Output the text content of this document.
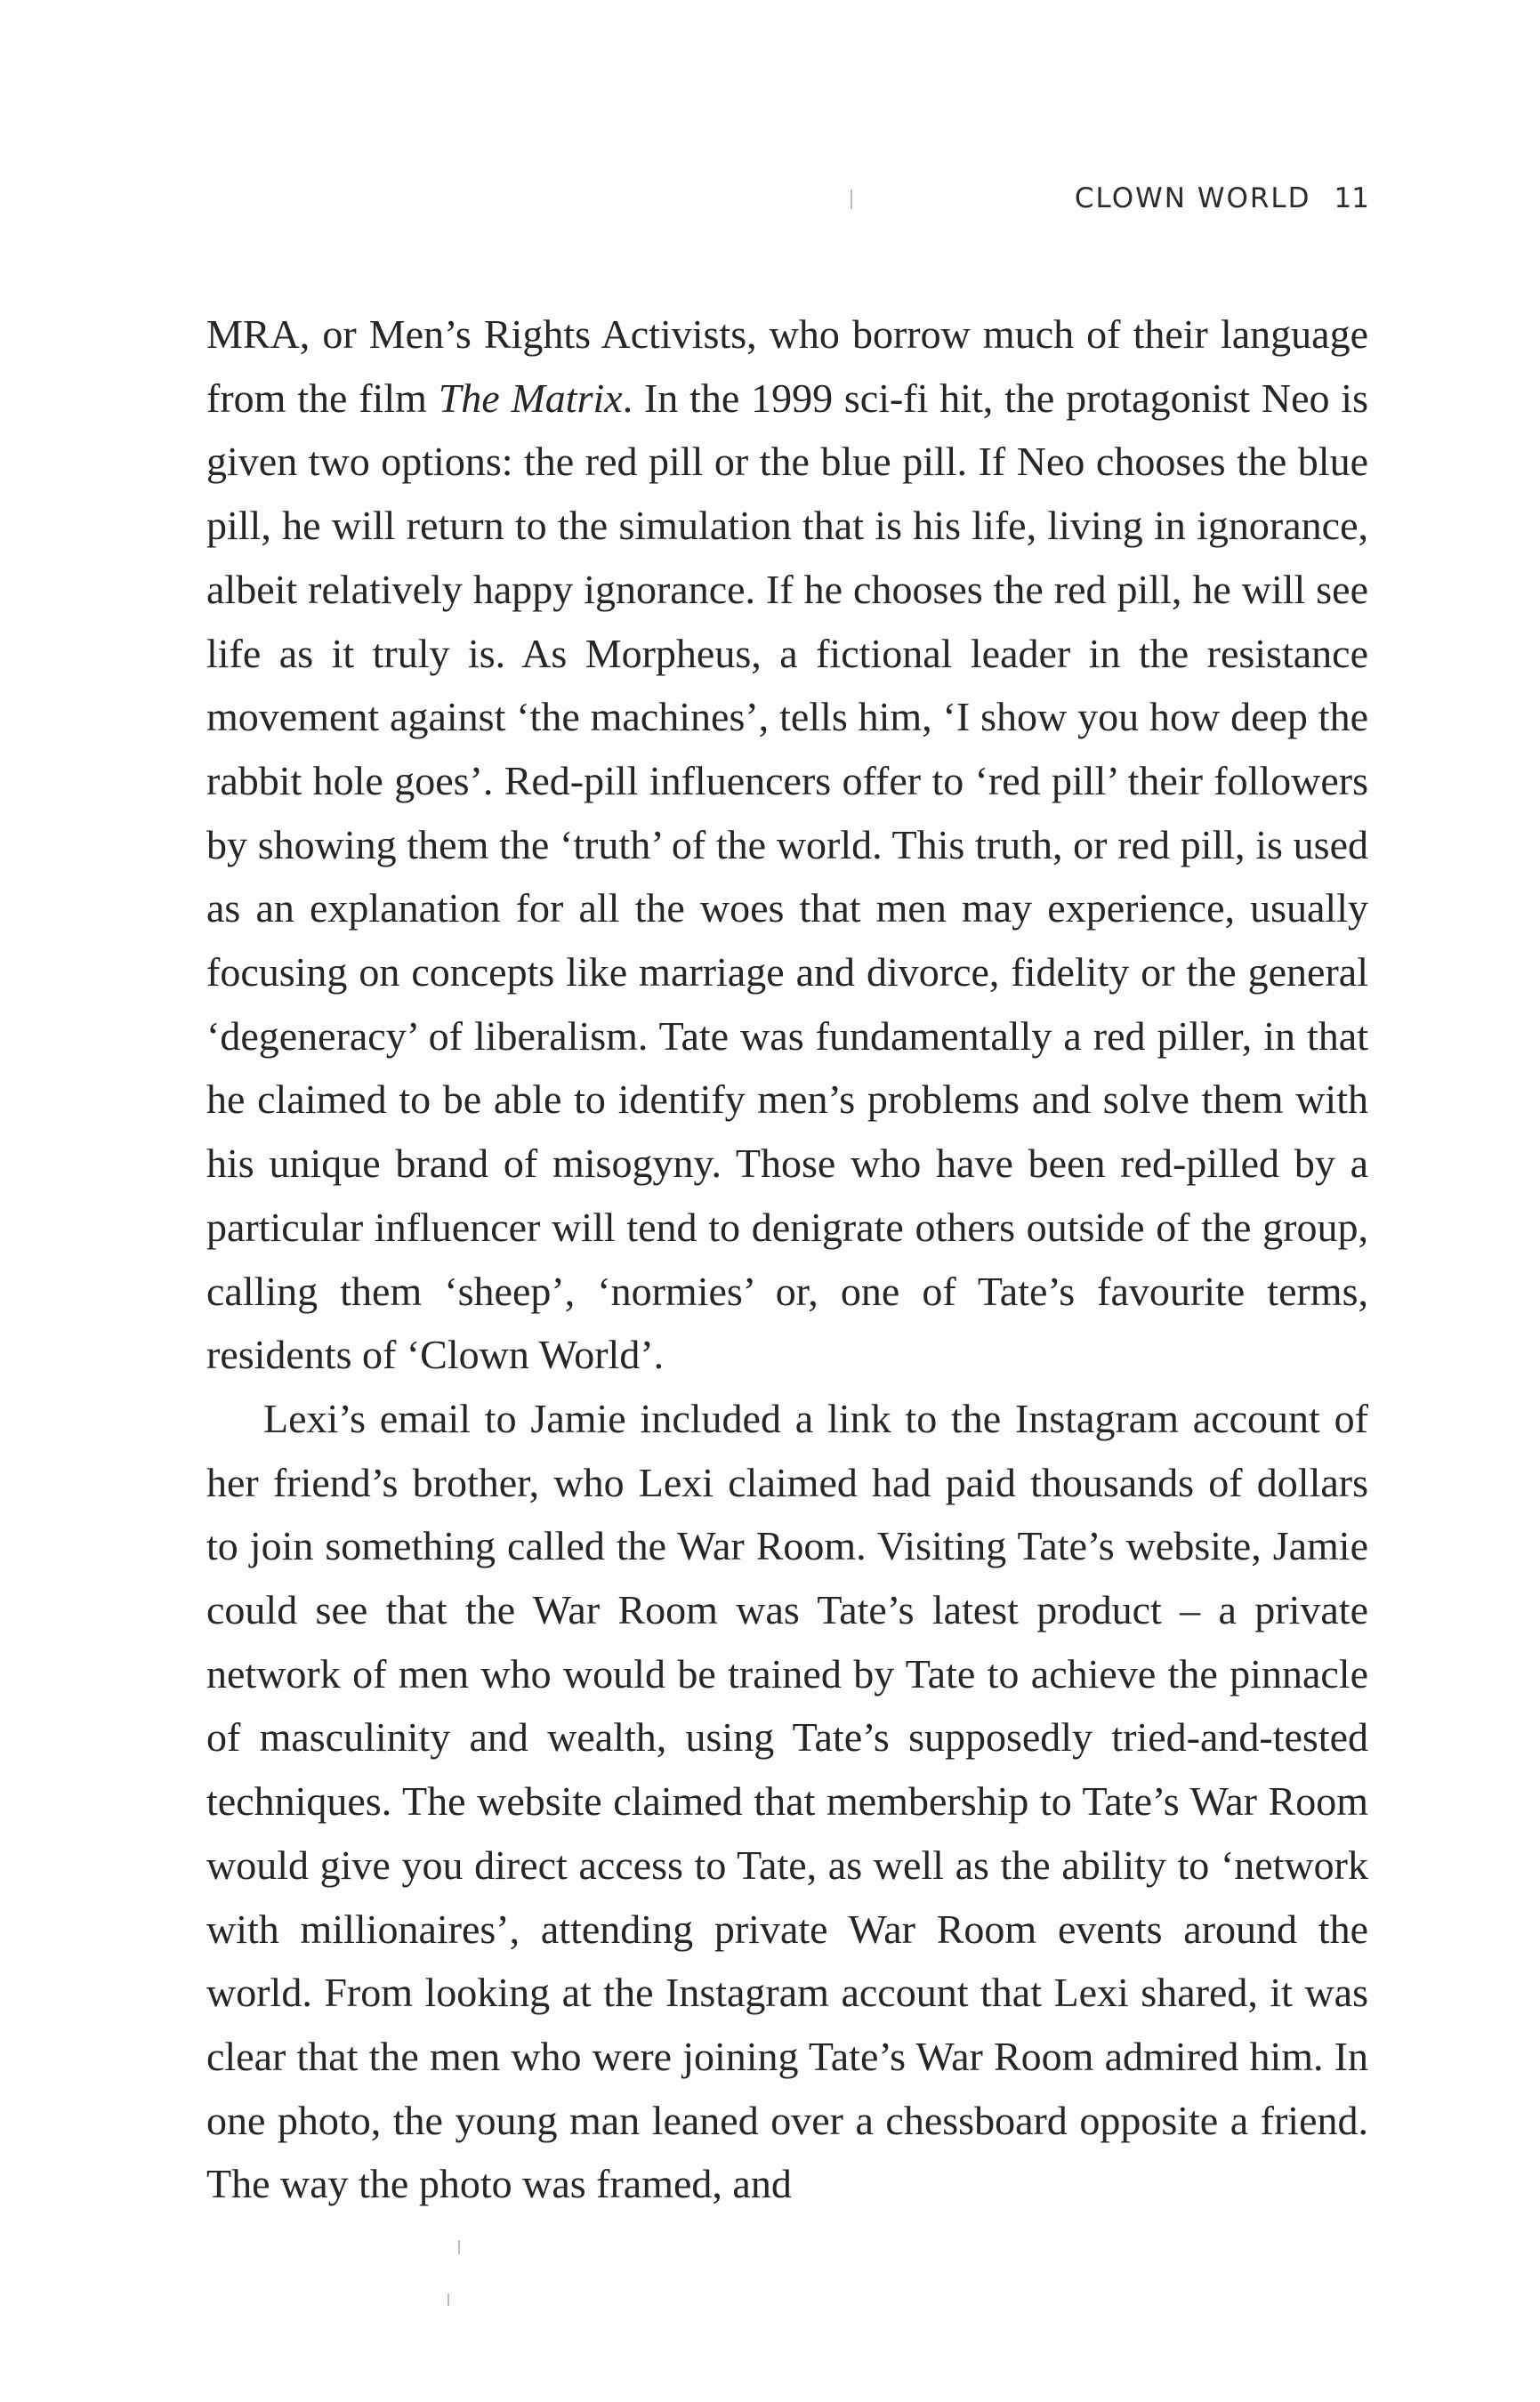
CLOWN WORLD 11

MRA, or Men’s Rights Activists, who borrow much of their language from the film The Matrix. In the 1999 sci-fi hit, the protagonist Neo is given two options: the red pill or the blue pill. If Neo chooses the blue pill, he will return to the simulation that is his life, living in ignorance, albeit relatively happy ignorance. If he chooses the red pill, he will see life as it truly is. As Morpheus, a fictional leader in the resistance movement against ‘the machines’, tells him, ‘I show you how deep the rabbit hole goes’. Red-pill influencers offer to ‘red pill’ their followers by showing them the ‘truth’ of the world. This truth, or red pill, is used as an explanation for all the woes that men may experience, usually focusing on concepts like marriage and divorce, fidelity or the general ‘degeneracy’ of liberalism. Tate was fundamentally a red piller, in that he claimed to be able to identify men’s problems and solve them with his unique brand of misogyny. Those who have been red-pilled by a particular influencer will tend to denigrate others outside of the group, calling them ‘sheep’, ‘normies’ or, one of Tate’s favourite terms, residents of ‘Clown World’.

Lexi’s email to Jamie included a link to the Instagram account of her friend’s brother, who Lexi claimed had paid thousands of dollars to join something called the War Room. Visiting Tate’s website, Jamie could see that the War Room was Tate’s latest product – a private network of men who would be trained by Tate to achieve the pinnacle of masculinity and wealth, using Tate’s supposedly tried-and-tested techniques. The website claimed that membership to Tate’s War Room would give you direct access to Tate, as well as the ability to ‘network with millionaires’, attending private War Room events around the world. From looking at the Instagram account that Lexi shared, it was clear that the men who were joining Tate’s War Room admired him. In one photo, the young man leaned over a chessboard opposite a friend. The way the photo was framed, and
